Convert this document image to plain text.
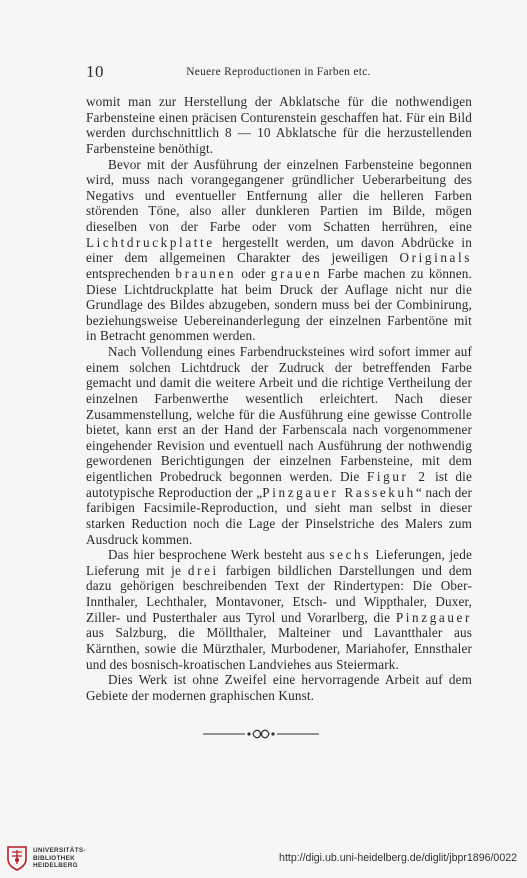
10	Neuere Reproductionen in Farben etc.

womit man zur Herstellung der Abklatsche für die nothwendigen Farbensteine einen präcisen Conturenstein geschaffen hat. Für ein Bild werden durchschnittlich 8 — 10 Abklatsche für die herzustellenden Farbensteine benöthigt.

Bevor mit der Ausführung der einzelnen Farbensteine begonnen wird, muss nach vorangegangener gründlicher Ueberarbeitung des Negativs und eventueller Entfernung aller die helleren Farben störenden Töne, also aller dunkleren Partien im Bilde, mögen dieselben von der Farbe oder vom Schatten herrühren, eine Lichtdruckplatte hergestellt werden, um davon Abdrücke in einer dem allgemeinen Charakter des jeweiligen Originals entsprechenden braunen oder grauen Farbe machen zu können. Diese Lichtdruckplatte hat beim Druck der Auflage nicht nur die Grundlage des Bildes abzugeben, sondern muss bei der Combinirung, beziehungsweise Uebereinanderlegung der einzelnen Farbentöne mit in Betracht genommen werden.

Nach Vollendung eines Farbendrucksteines wird sofort immer auf einem solchen Lichtdruck der Zudruck der betreffenden Farbe gemacht und damit die weitere Arbeit und die richtige Vertheilung der einzelnen Farbenwerthe wesentlich erleichtert. Nach dieser Zusammenstellung, welche für die Ausführung eine gewisse Controlle bietet, kann erst an der Hand der Farbenscala nach vorgenommener eingehender Revision und eventuell nach Ausführung der nothwendig gewordenen Berichtigungen der einzelnen Farbensteine, mit dem eigentlichen Probedruck begonnen werden. Die Figur 2 ist die autotypische Reproduction der „Pinzgauer Rassekuh“ nach der faribigen Facsimile-Reproduction, und sieht man selbst in dieser starken Reduction noch die Lage der Pinselstriche des Malers zum Ausdruck kommen.

Das hier besprochene Werk besteht aus sechs Lieferungen, jede Lieferung mit je drei farbigen bildlichen Darstellungen und dem dazu gehörigen beschreibenden Text der Rindertypen: Die Ober-Innthaler, Lechthaler, Montavoner, Etsch- und Wippthaler, Duxer, Ziller- und Pusterthaler aus Tyrol und Vorarlberg, die Pinzgauer aus Salzburg, die Möllthaler, Malteiner und Lavantthaler aus Kärnthen, sowie die Mürzthaler, Murbodener, Mariahofer, Ennsthaler und des bosnisch-kroatischen Landviehes aus Steiermark.

Dies Werk ist ohne Zweifel eine hervorragende Arbeit auf dem Gebiete der modernen graphischen Kunst.

UNIVERSITÄTS-
BIBLIOTHEK
HEIDELBERG
http://digi.ub.uni-heidelberg.de/diglit/jbpr1896/0022
